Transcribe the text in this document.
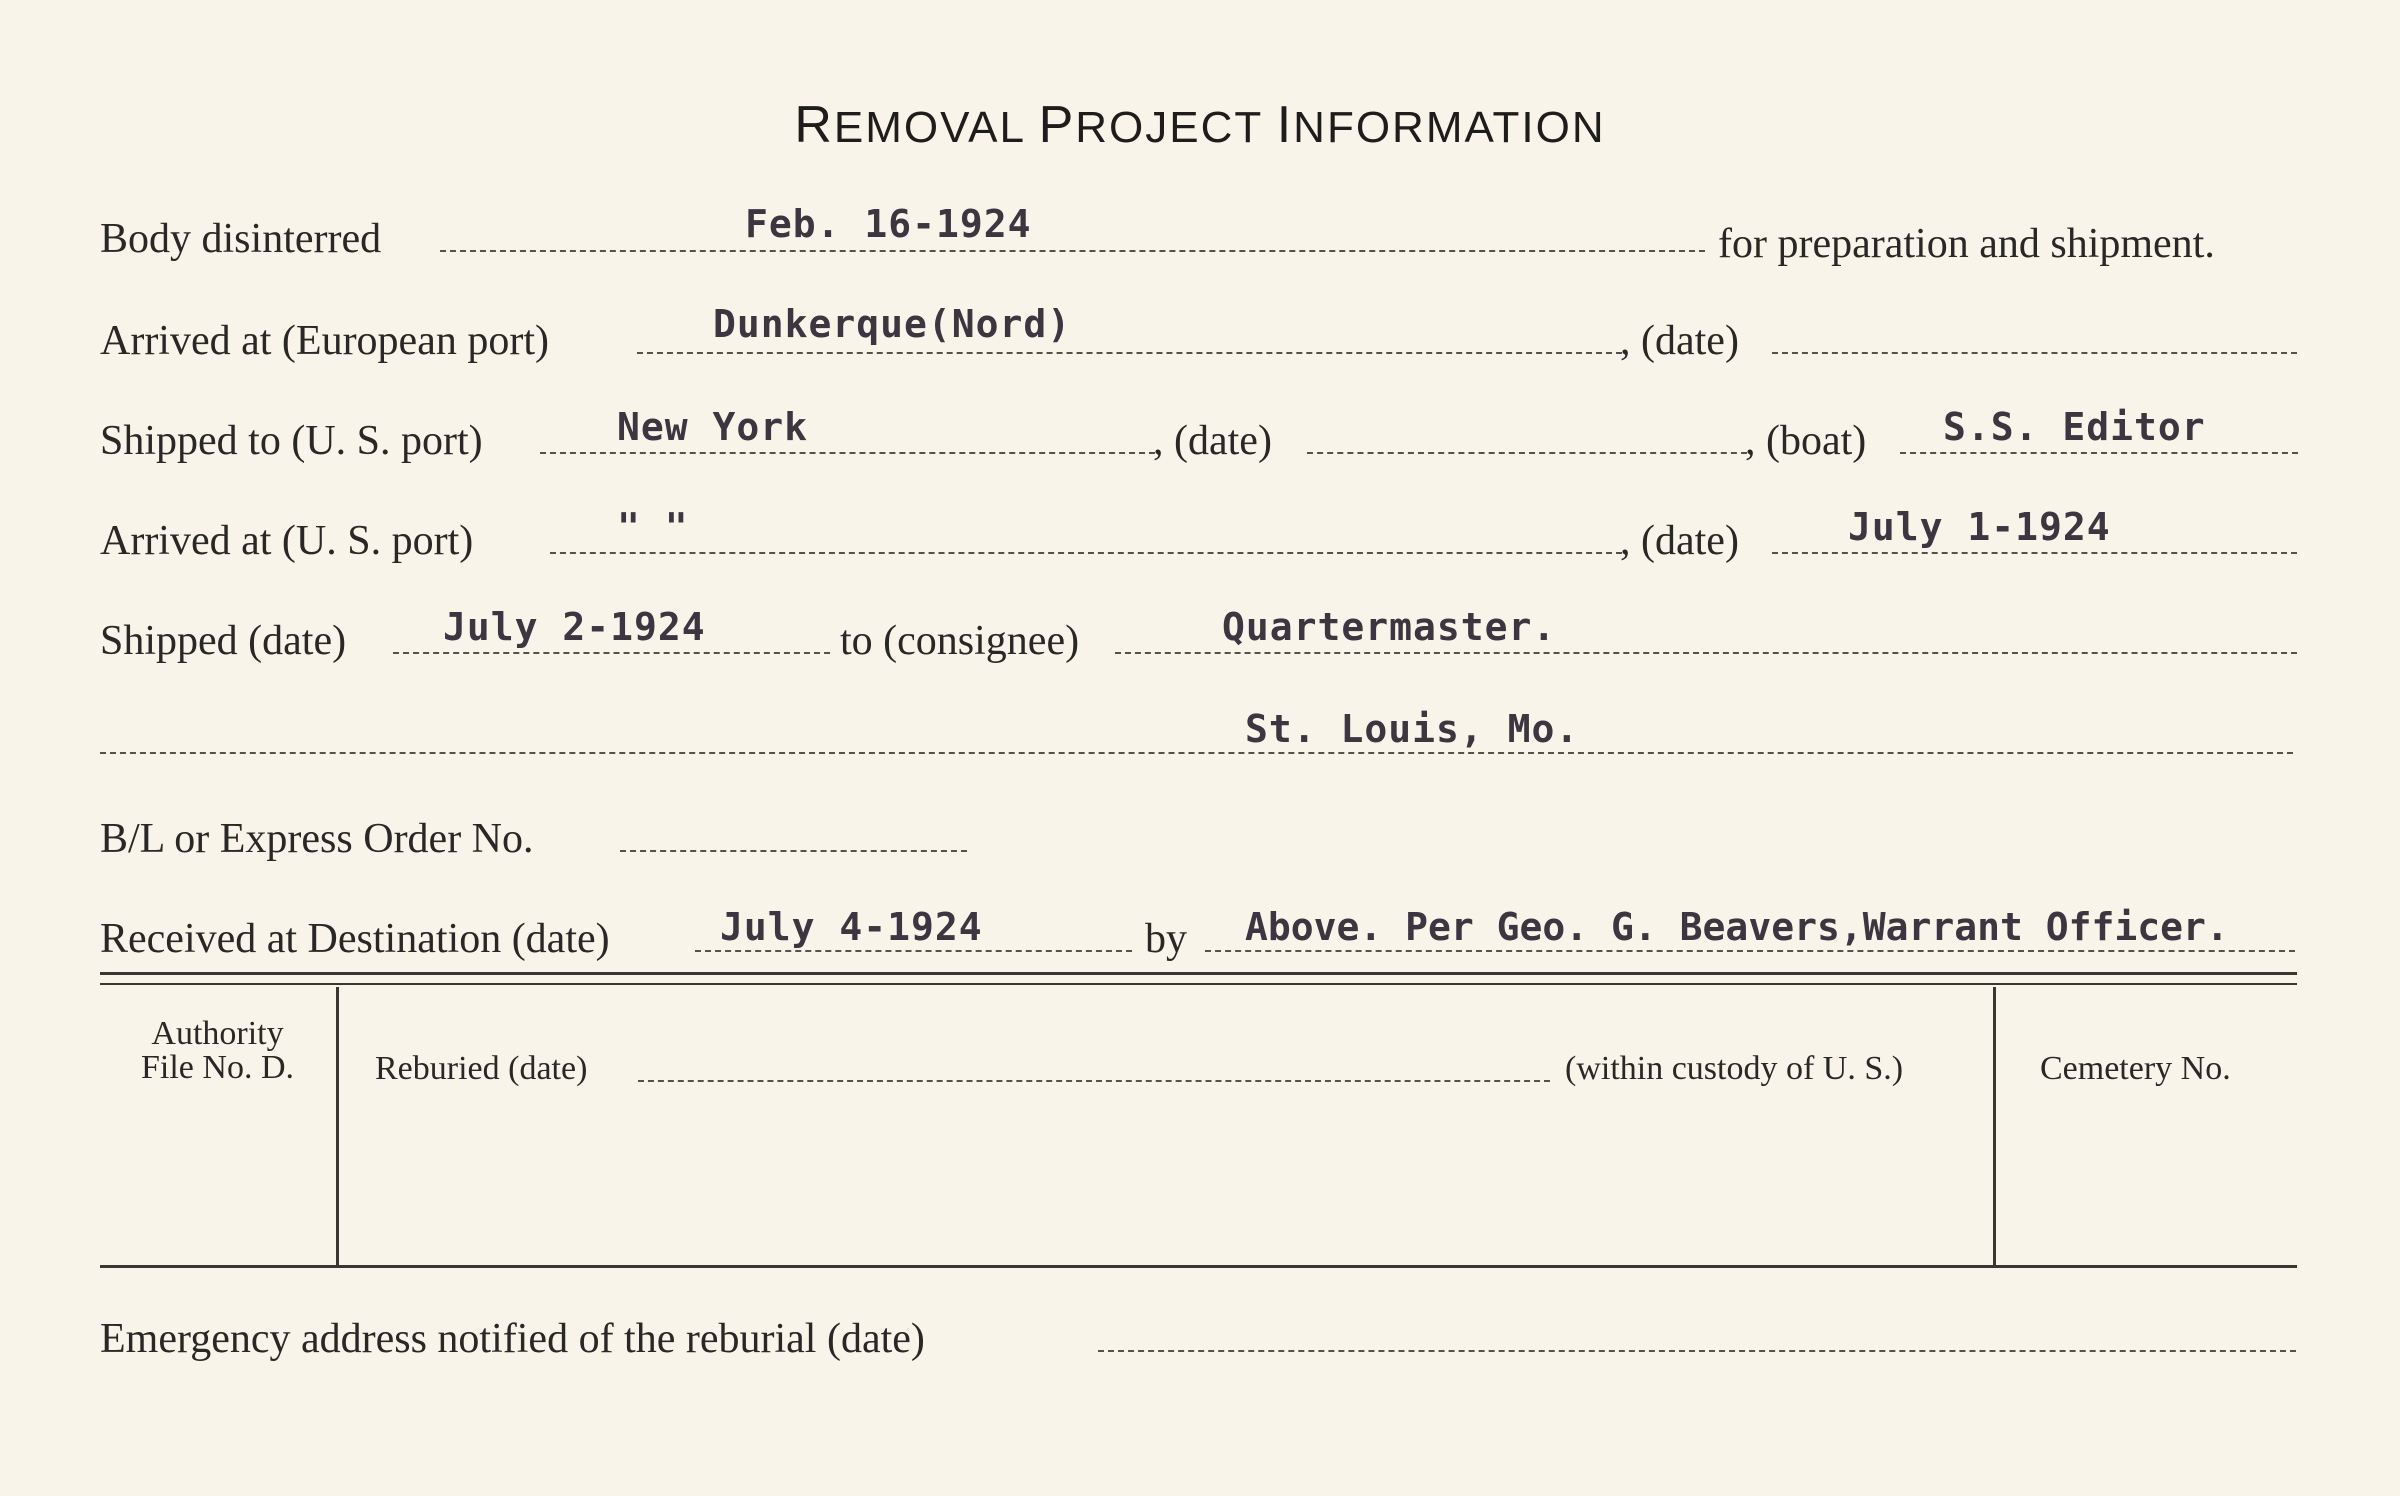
REMOVAL PROJECT INFORMATION
Body disinterred	Feb. 16-1924	for preparation and shipment.
Arrived at (European port)	Dunkerque(Nord)	, (date)
Shipped to (U. S. port)	New York	, (date)	, (boat) S.S. Editor
Arrived at (U. S. port)	" "	, (date)	July 1-1924
Shipped (date)	July 2-1924	to (consignee)	Quartermaster.
St. Louis, Mo.
B/L or Express Order No.
Received at Destination (date)	July 4-1924	by Above. Per Geo. G. Beavers,Warrant Officer.
Authority
File No. D.	Reburied (date)	(within custody of U. S.)	Cemetery No.
Emergency address notified of the reburial (date)
